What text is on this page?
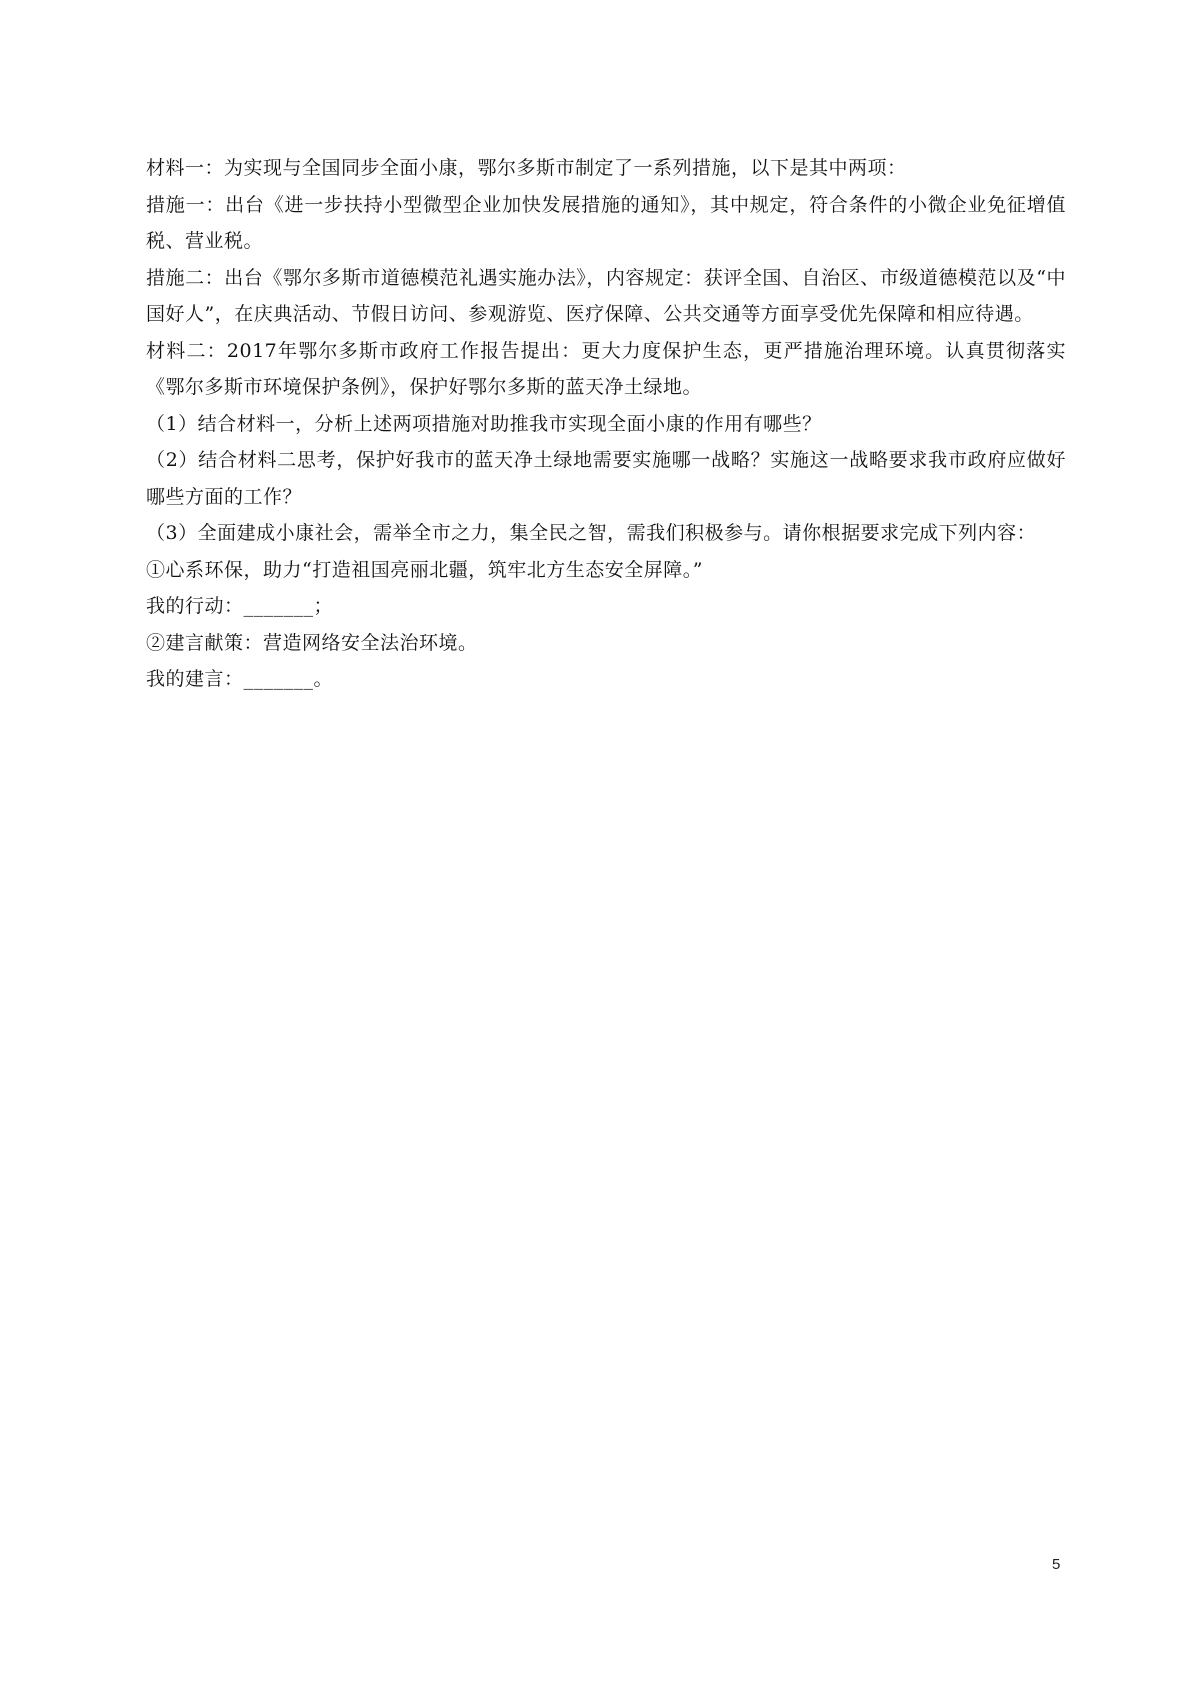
材料一：为实现与全国同步全面小康，鄂尔多斯市制定了一系列措施，以下是其中两项：

措施一：出台《进一步扶持小型微型企业加快发展措施的通知》，其中规定，符合条件的小微企业免征增值税、营业税。

措施二：出台《鄂尔多斯市道德模范礼遇实施办法》，内容规定：获评全国、自治区、市级道德模范以及“中国好人”，在庆典活动、节假日访问、参观游览、医疗保障、公共交通等方面享受优先保障和相应待遇。

材料二：2017年鄂尔多斯市政府工作报告提出：更大力度保护生态，更严措施治理环境。认真贯彻落实《鄂尔多斯市环境保护条例》，保护好鄂尔多斯的蓝天净土绿地。

（1）结合材料一，分析上述两项措施对助推我市实现全面小康的作用有哪些？

（2）结合材料二思考，保护好我市的蓝天净土绿地需要实施哪一战略？实施这一战略要求我市政府应做好哪些方面的工作？

（3）全面建成小康社会，需举全市之力，集全民之智，需我们积极参与。请你根据要求完成下列内容：

①心系环保，助力“打造祖国亮丽北疆，筑牢北方生态安全屏障。”

我的行动：_______；

②建言献策：营造网络安全法治环境。

我的建言：_______。

5
